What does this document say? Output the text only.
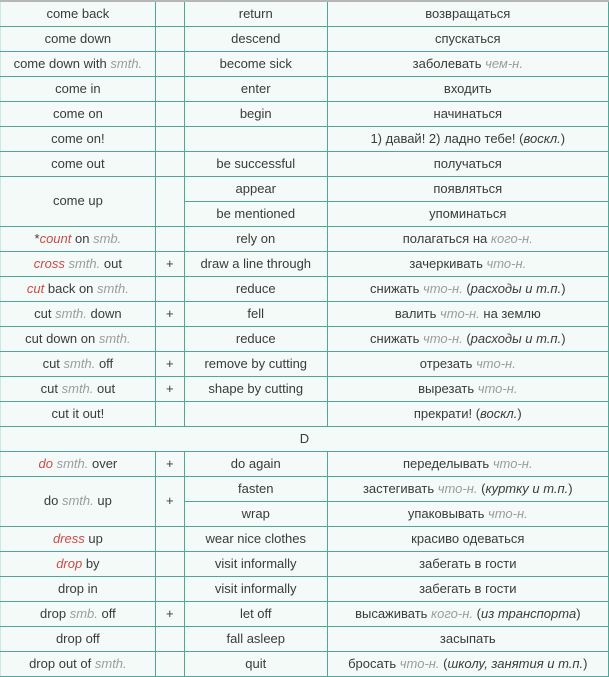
come back		return	возвращаться
come down		descend	спускаться
come down with smth.		become sick	заболевать чем-н.
come in		enter	входить
come on		begin	начинаться
come on!			1) давай! 2) ладно тебе! (воскл.)
come out		be successful	получаться
come up		appear	появляться
		be mentioned	упоминаться
*count on smb.		rely on	полагаться на кого-н.
cross smth. out	+	draw a line through	зачеркивать что-н.
cut back on smth.		reduce	снижать что-н. (расходы и т.п.)
cut smth. down	+	fell	валить что-н. на землю
cut down on smth.		reduce	снижать что-н. (расходы и т.п.)
cut smth. off	+	remove by cutting	отрезать что-н.
cut smth. out	+	shape by cutting	вырезать что-н.
cut it out!			прекрати! (воскл.)
D			
do smth. over	+	do again	переделывать что-н.
do smth. up	+	fasten	застегивать что-н. (куртку и т.п.)
		wrap	упаковывать что-н.
dress up		wear nice clothes	красиво одеваться
drop by		visit informally	забегать в гости
drop in		visit informally	забегать в гости
drop smb. off	+	let off	высаживать кого-н. (из транспорта)
drop off		fall asleep	засыпать
drop out of smth.		quit	бросать что-н. (школу, занятия и т.п.)
